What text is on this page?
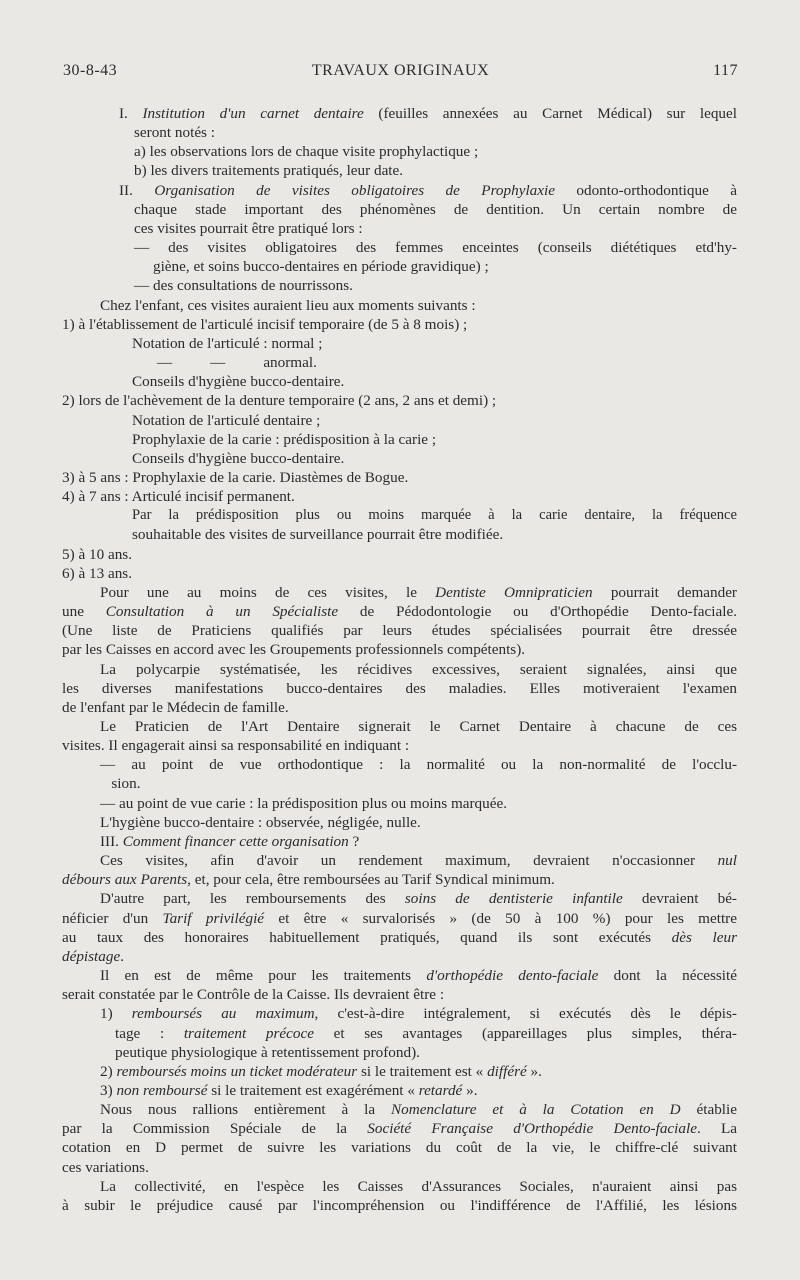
30-8-43	TRAVAUX ORIGINAUX	117
I. Institution d'un carnet dentaire (feuilles annexées au Carnet Médical) sur lequel
seront notés :
a) les observations lors de chaque visite prophylactique ;
b) les divers traitements pratiqués, leur date.
II. Organisation de visites obligatoires de Prophylaxie odonto-orthodontique à
chaque stade important des phénomènes de dentition. Un certain nombre de
ces visites pourrait être pratiqué lors :
— des visites obligatoires des femmes enceintes (conseils diététiques etd'hy-
giène, et soins bucco-dentaires en période gravidique) ;
— des consultations de nourrissons.
Chez l'enfant, ces visites auraient lieu aux moments suivants :
1) à l'établissement de l'articulé incisif temporaire (de 5 à 8 mois) ;
Notation de l'articulé : normal ;
—          —          anormal.
Conseils d'hygiène bucco-dentaire.
2) lors de l'achèvement de la denture temporaire (2 ans, 2 ans et demi) ;
Notation de l'articulé dentaire ;
Prophylaxie de la carie : prédisposition à la carie ;
Conseils d'hygiène bucco-dentaire.
3) à 5 ans : Prophylaxie de la carie. Diastèmes de Bogue.
4) à 7 ans : Articulé incisif permanent.
Par la prédisposition plus ou moins marquée à la carie dentaire, la fréquence
souhaitable des visites de surveillance pourrait être modifiée.
5) à 10 ans.
6) à 13 ans.
Pour une au moins de ces visites, le Dentiste Omnipraticien pourrait demander
une Consultation à un Spécialiste de Pédodontologie ou d'Orthopédie Dento-faciale.
(Une liste de Praticiens qualifiés par leurs études spécialisées pourrait être dressée
par les Caisses en accord avec les Groupements professionnels compétents).
La polycarpie systématisée, les récidives excessives, seraient signalées, ainsi que
les diverses manifestations bucco-dentaires des maladies. Elles motiveraient l'examen
de l'enfant par le Médecin de famille.
Le Praticien de l'Art Dentaire signerait le Carnet Dentaire à chacune de ces
visites. Il engagerait ainsi sa responsabilité en indiquant :
— au point de vue orthodontique : la normalité ou la non-normalité de l'occlu-
sion.
— au point de vue carie : la prédisposition plus ou moins marquée.
L'hygiène bucco-dentaire : observée, négligée, nulle.
III. Comment financer cette organisation ?
Ces visites, afin d'avoir un rendement maximum, devraient n'occasionner nul
débours aux Parents, et, pour cela, être remboursées au Tarif Syndical minimum.
D'autre part, les remboursements des soins de dentisterie infantile devraient bé-
néficier d'un Tarif privilégié et être « survalorisés » (de 50 à 100 %) pour les mettre
au taux des honoraires habituellement pratiqués, quand ils sont exécutés dès leur
dépistage.
Il en est de même pour les traitements d'orthopédie dento-faciale dont la nécessité
serait constatée par le Contrôle de la Caisse. Ils devraient être :
1) remboursés au maximum, c'est-à-dire intégralement, si exécutés dès le dépis-
tage : traitement précoce et ses avantages (appareillages plus simples, théra-
peutique physiologique à retentissement profond).
2) remboursés moins un ticket modérateur si le traitement est « différé ».
3) non remboursé si le traitement est exagérément « retardé ».
Nous nous rallions entièrement à la Nomenclature et à la Cotation en D établie
par la Commission Spéciale de la Société Française d'Orthopédie Dento-faciale. La
cotation en D permet de suivre les variations du coût de la vie, le chiffre-clé suivant
ces variations.
La collectivité, en l'espèce les Caisses d'Assurances Sociales, n'auraient ainsi pas
à subir le préjudice causé par l'incompréhension ou l'indifférence de l'Affilié, les lésions
